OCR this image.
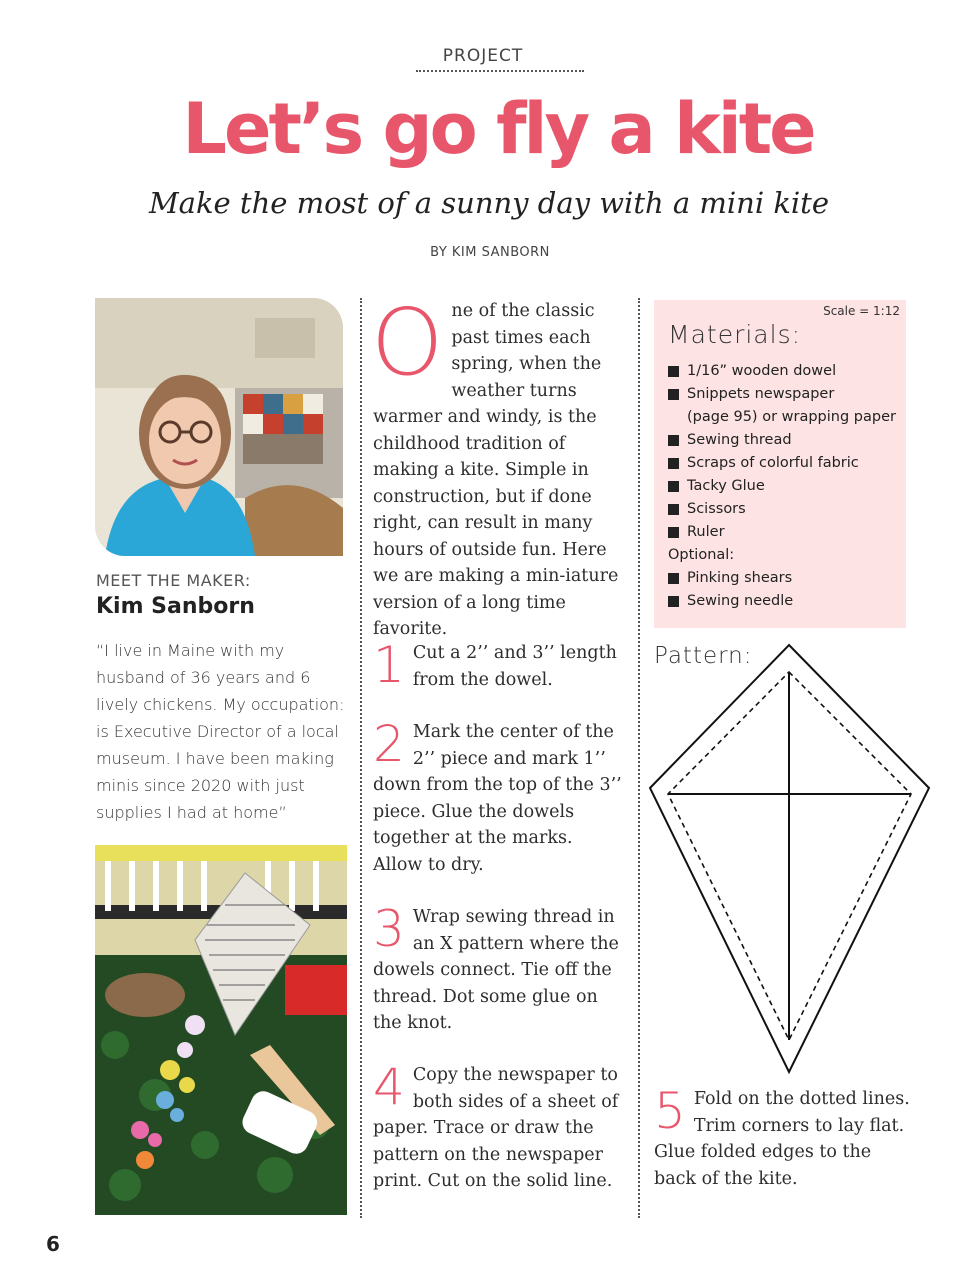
PROJECT
Let’s go fly a kite
Make the most of a sunny day with a mini kite
BY KIM SANBORN
MEET THE MAKER:
Kim Sanborn
“I live in Maine with my husband of 36 years and 6 lively chickens. My occupation: is Executive Director of a local museum. I have been making minis since 2020 with just supplies I had at home”
One of the classic past times each spring, when the weather turns warmer and windy, is the childhood tradition of making a kite. Simple in construction, but if done right, can result in many hours of outside fun. Here we are making a min-iature version of a long time favorite.
1 Cut a 2’’ and 3’’ length from the dowel.
2 Mark the center of the 2’’ piece and mark 1’’ down from the top of the 3’’ piece. Glue the dowels together at the marks. Allow to dry.
3 Wrap sewing thread in an X pattern where the dowels connect. Tie off the thread. Dot some glue on the knot.
4 Copy the newspaper to both sides of a sheet of paper. Trace or draw the pattern on the newspaper print. Cut on the solid line.
Scale = 1:12
Materials:
1/16” wooden dowel
Snippets newspaper
(page 95) or wrapping paper
Sewing thread
Scraps of colorful fabric
Tacky Glue
Scissors
Ruler
Optional:
Pinking shears
Sewing needle
Pattern:
5 Fold on the dotted lines. Trim corners to lay flat. Glue folded edges to the back of the kite.
6
